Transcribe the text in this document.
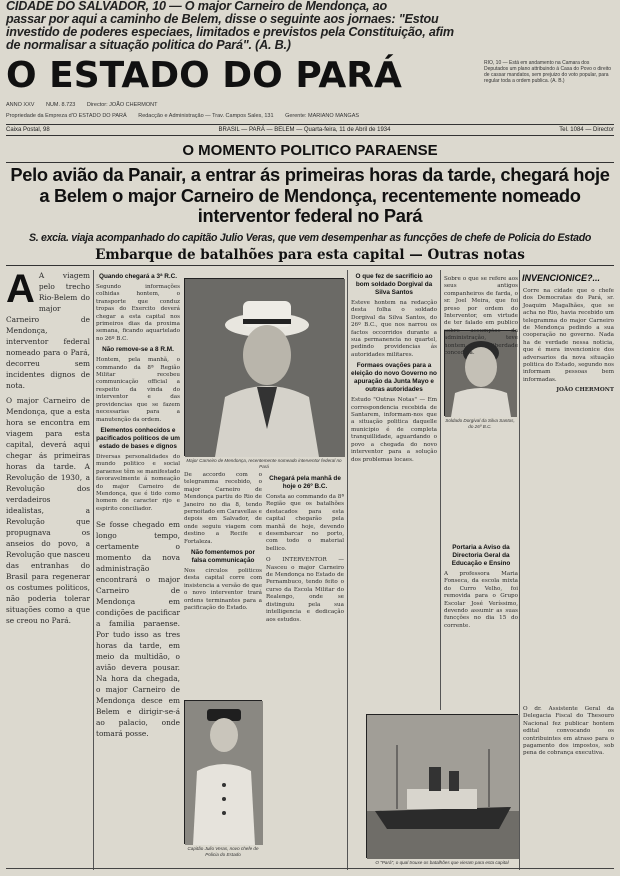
CIDADE DO SALVADOR, 10 — O major Carneiro de Mendonça, ao
passar por aqui a caminho de Belem, disse o seguinte aos jornaes: "Estou
investido de poderes especiaes, limitados e previstos pela Constituição, afim
de normalisar a situação politica do Pará". (A. B.)
O ESTADO DO PARÁ	RIO, 10 — Está em andamento na Camara dos Deputados um plano attribuindo á Casa do Povo o direito de cassar mandatos, sem prejuizo do voto popular, para regular toda a ordem publica. (A. B.)
ANNO XXV NUM. 8.723 Director: JOÃO CHERMONT
Propriedade da Empreza d'O ESTADO DO PARÁ Redacção e Administração — Trav. Campos Sales, 131 Gerente: MARIANO MANGAS
Caixa Postal, 98	BRASIL — PARÁ — BELEM — Quarta-feira, 11 de Abril de 1934	Tel. 1084 — Director
O MOMENTO POLITICO PARAENSE
Pelo avião da Panair, a entrar ás primeiras horas da tarde, chegará hoje a Belem o major Carneiro de Mendonça, recentemente nomeado interventor federal no Pará
S. excia. viaja acompanhado do capitão Julio Veras, que vem desempenhar as funcções de chefe de Policia do Estado
Embarque de batalhões para esta capital — Outras notas
A A viagem pelo trecho Rio-Belem do major Carneiro de Mendonça, interventor federal nomeado para o Pará, decorreu sem incidentes dignos de nota.

O major Carneiro de Mendonça, que a esta hora se encontra em viagem para esta capital, deverá aqui chegar ás primeiras horas da tarde. A Revolução de 1930, a Revolução dos verdadeiros idealistas, a Revolução que propugnava os anseios do povo, a Revolução que nasceu das entranhas do Brasil para regenerar os costumes politicos, não poderia tolerar situações como a que se creou no Pará.

Quando chegará a 3ª R.C.

Segundo informações colhidas hontem, o transporte que conduz tropas do Exercito deverá chegar a esta capital nos primeiros dias da proxima semana, ficando aquartelado no 26º B.C.

Não remove-se a 8 R.M.

Hontem, pela manhã, o commando da 8ª Região Militar recebeu communicação official a respeito da vinda do interventor e das providencias que se fazem necessarias para a manutenção da ordem.

Elementos conhecidos e pacificados politicos de um estado de bases e dignos

Diversas personalidades do mundo politico e social paraense têm se manifestado favoravelmente á nomeação do major Carneiro de Mendonça, que é tido como homem de caracter rijo e espirito conciliador.

Se fosse chegado em longo tempo, certamente o momento da nova administração encontrará o major Carneiro de Mendonça em condições de pacificar a familia paraense. Por tudo isso as tres horas da tarde, em meio da multidão, o avião devera pousar. Na hora da chegada, o major Carneiro de Mendonça desce em Belem e dirigir-se-á ao palacio, onde tomará posse.

Major Carneiro de Mendonça, recentemente nomeado interventor federal no Pará

De accordo com o telegramma recebido, o major Carneiro de Mendonça partiu do Rio de Janeiro no dia 8, tendo pernoitado em Caravellas e depois em Salvador, de onde seguiu viagem com destino a Recife e Fortaleza.

Não fomentemos por falsa communicação

Nos circulos politicos desta capital corre com insistencia a versão de que o novo interventor trará ordens terminantes para a pacificação do Estado.

Chegará pela manhã de hoje o 26º B.C.

Consta ao commando da 8ª Região que os batalhões destacados para esta capital chegarão pela manhã de hoje, devendo desembarcar no porto, com todo o material bellico.

O INTERVENTOR — Nasceu o major Carneiro de Mendonça no Estado de Pernambuco, tendo feito o curso da Escola Militar do Realengo, onde se distinguiu pela sua intelligencia e dedicação aos estudos.

Capitão Julio Veras, novo chefe de Policia do Estado
O que fez de sacrificio ao bom soldado Dorgival da Silva Santos

Esteve hontem na redacção desta folha o soldado Dorgival da Silva Santos, do 26º B.C., que nos narrou os factos occorridos durante a sua permanencia no quartel, pedindo providencias ás autoridades militares.

Formaes ovações para a eleição do novo Governo no apuração da Junta Mayo e outras autoridades

Estudo "Outras Notas" — Em correspondencia recebida de Santarem, informam-nos que a situação politica daquelle municipio é de completa tranquillidade, aguardando o povo a chegada do novo interventor para a solução dos problemas locaes.

Soldado Dorgival da Silva Santos, do 26º B.C.

Sobre o que se refere aos seus antigos companheiros de farda, o sr. Joel Meira, que foi preso por ordem do Interventor, em virtude de ter falado em publico sobre assumptos da administração, teve hontem a liberdade concedida.

Portaria a Aviso da Directoria Geral da Educação e Ensino

A professora Maria Fonseca, da escola mixta do Curro Velho, foi removida para o Grupo Escolar José Veríssimo, devendo assumir as suas funcções no dia 15 do corrente.

O "Pará", o qual trouxe os batalhões que vieram para esta capital
INVENCIONICE?...

Corre na cidade que o chefe dos Democratas do Pará, sr. Joaquim Magalhães, que se acha no Rio, havia recebido um telegramma do major Carneiro de Mendonça pedindo a sua cooperação no governo. Nada ha de verdade nessa noticia, que é mera invencionice dos adversarios da nova situação politica do Estado, segundo nos informam pessoas bem informadas.

JOÃO CHERMONT

O dr. Assistente Geral da Delegacia Fiscal do Thesouro Nacional fez publicar hontem edital convocando os contribuintes em atraso para o pagamento dos impostos, sob pena de cobrança executiva.
